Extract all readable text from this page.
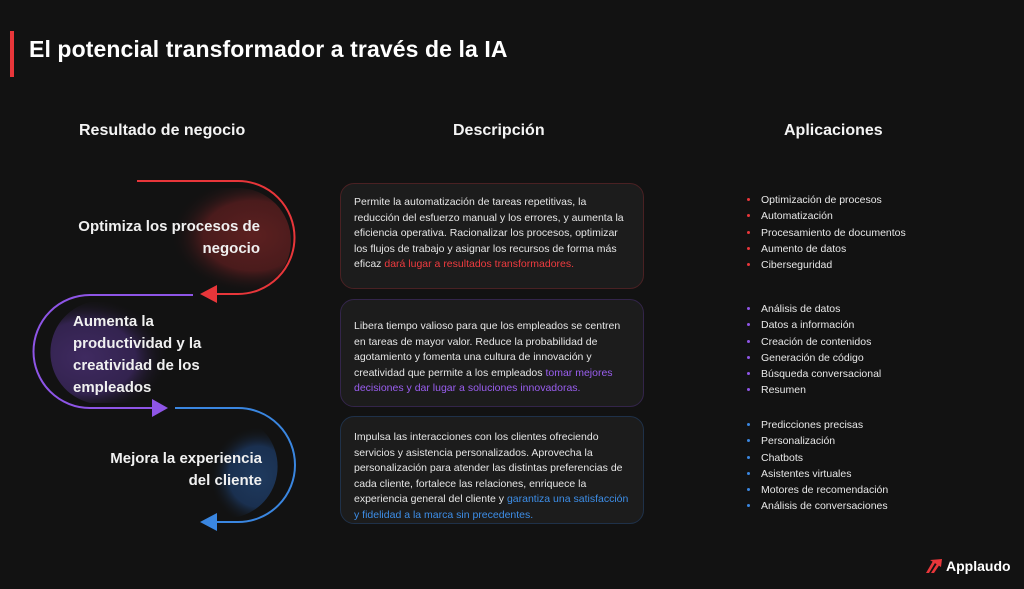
El potencial transformador a través de la IA
Resultado de negocio	Descripción	Aplicaciones
Optimiza los procesos de negocio
Aumenta la productividad y la creatividad de los empleados
Mejora la experiencia del cliente
Permite la automatización de tareas repetitivas, la reducción del esfuerzo manual y los errores, y aumenta la eficiencia operativa. Racionalizar los procesos, optimizar los flujos de trabajo y asignar los recursos de forma más eficaz dará lugar a resultados transformadores.
Libera tiempo valioso para que los empleados se centren en tareas de mayor valor. Reduce la probabilidad de agotamiento y fomenta una cultura de innovación y creatividad que permite a los empleados tomar mejores decisiones y dar lugar a soluciones innovadoras.
Impulsa las interacciones con los clientes ofreciendo servicios y asistencia personalizados. Aprovecha la personalización para atender las distintas preferencias de cada cliente, fortalece las relaciones, enriquece la experiencia general del cliente y garantiza una satisfacción y fidelidad a la marca sin precedentes.
Optimización de procesos
Automatización
Procesamiento de documentos
Aumento de datos
Ciberseguridad
Análisis de datos
Datos a información
Creación de contenidos
Generación de código
Búsqueda conversacional
Resumen
Predicciones precisas
Personalización
Chatbots
Asistentes virtuales
Motores de recomendación
Análisis de conversaciones
Applaudo
